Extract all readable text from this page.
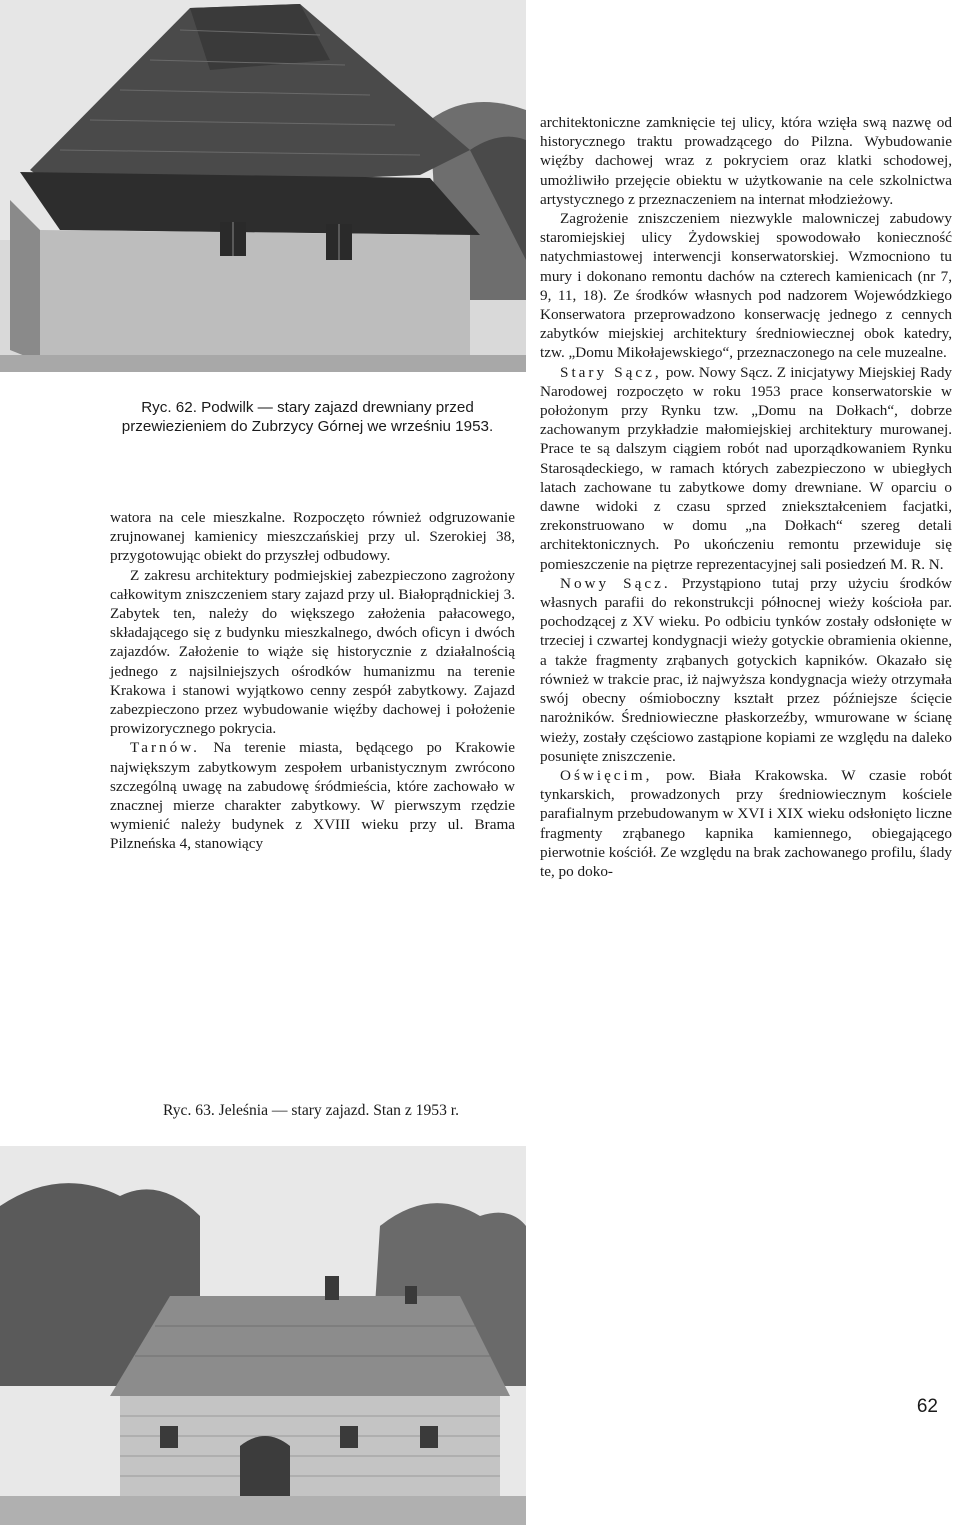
Ryc. 62. Podwilk — stary zajazd drewniany przed przewiezieniem do Zubrzycy Górnej we wrześniu 1953.

watora na cele mieszkalne. Rozpoczęto również odgruzowanie zrujnowanej kamienicy mieszczańskiej przy ul. Szerokiej 38, przygotowując obiekt do przyszłej odbudowy.

Z zakresu architektury podmiejskiej zabezpieczono zagrożony całkowitym zniszczeniem stary zajazd przy ul. Białoprądnickiej 3. Zabytek ten, należy do większego założenia pałacowego, składającego się z budynku mieszkalnego, dwóch oficyn i dwóch zajazdów. Założenie to wiąże się historycznie z działalnością jednego z najsilniejszych ośrodków humanizmu na terenie Krakowa i stanowi wyjątkowo cenny zespół zabytkowy. Zajazd zabezpieczono przez wybudowanie więźby dachowej i położenie prowizorycznego pokrycia.

Tarnów. Na terenie miasta, będącego po Krakowie największym zabytkowym zespołem urbanistycznym zwrócono szczególną uwagę na zabudowę śródmieścia, które zachowało w znacznej mierze charakter zabytkowy. W pierwszym rzędzie wymienić należy budynek z XVIII wieku przy ul. Brama Pilzneńska 4, stanowiący

Ryc. 63. Jeleśnia — stary zajazd. Stan z 1953 r.

architektoniczne zamknięcie tej ulicy, która wzięła swą nazwę od historycznego traktu prowadzącego do Pilzna. Wybudowanie więźby dachowej wraz z pokryciem oraz klatki schodowej, umożliwiło przejęcie obiektu w użytkowanie na cele szkolnictwa artystycznego z przeznaczeniem na internat młodzieżowy.

Zagrożenie zniszczeniem niezwykle malowniczej zabudowy staromiejskiej ulicy Żydowskiej spowodowało konieczność natychmiastowej interwencji konserwatorskiej. Wzmocniono tu mury i dokonano remontu dachów na czterech kamienicach (nr 7, 9, 11, 18). Ze środków własnych pod nadzorem Wojewódzkiego Konserwatora przeprowadzono konserwację jednego z cennych zabytków miejskiej architektury średniowiecznej obok katedry, tzw. „Domu Mikołajewskiego“, przeznaczonego na cele muzealne.

Stary Sącz, pow. Nowy Sącz. Z inicjatywy Miejskiej Rady Narodowej rozpoczęto w roku 1953 prace konserwatorskie w położonym przy Rynku tzw. „Domu na Dołkach“, dobrze zachowanym przykładzie małomiejskiej architektury murowanej. Prace te są dalszym ciągiem robót nad uporządkowaniem Rynku Starosądeckiego, w ramach których zabezpieczono w ubiegłych latach zachowane tu zabytkowe domy drewniane. W oparciu o dawne widoki z czasu sprzed zniekształceniem facjatki, zrekonstruowano w domu „na Dołkach“ szereg detali architektonicznych. Po ukończeniu remontu przewiduje się pomieszczenie na piętrze reprezentacyjnej sali posiedzeń M. R. N.

Nowy Sącz. Przystąpiono tutaj przy użyciu środków własnych parafii do rekonstrukcji północnej wieży kościoła par. pochodzącej z XV wieku. Po odbiciu tynków zostały odsłonięte w trzeciej i czwartej kondygnacji wieży gotyckie obramienia okienne, a także fragmenty zrąbanych gotyckich kapników. Okazało się również w trakcie prac, iż najwyższa kondygnacja wieży otrzymała swój obecny ośmioboczny kształt przez późniejsze ścięcie narożników. Średniowieczne płaskorzeźby, wmurowane w ścianę wieży, zostały częściowo zastąpione kopiami ze względu na daleko posunięte zniszczenie.

Oświęcim, pow. Biała Krakowska. W czasie robót tynkarskich, prowadzonych przy średniowiecznym kościele parafialnym przebudowanym w XVI i XIX wieku odsłonięto liczne fragmenty zrąbanego kapnika kamiennego, obiegającego pierwotnie kościół. Ze względu na brak zachowanego profilu, ślady te, po doko-

62
